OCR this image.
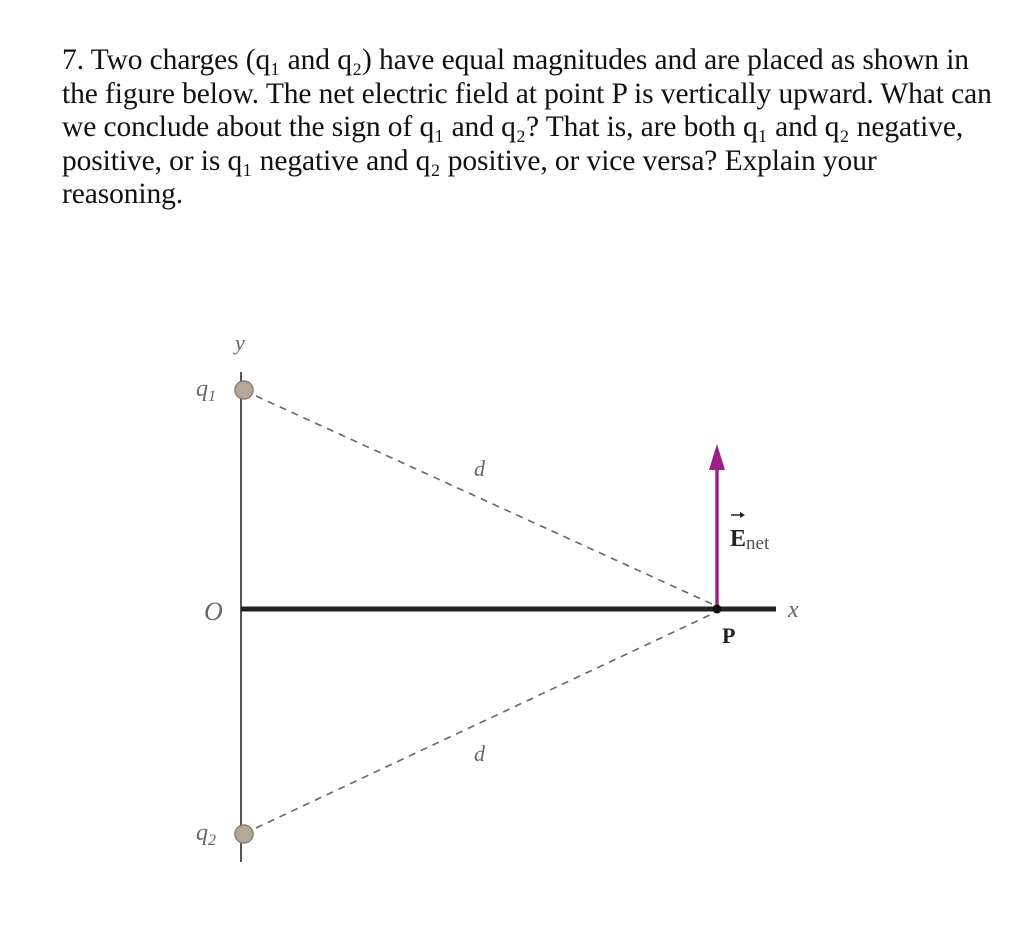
7. Two charges (q₁ and q₂) have equal magnitudes and are placed as shown in the figure below. The net electric field at point P is vertically upward. What can we conclude about the sign of q₁ and q₂? That is, are both q₁ and q₂ negative, positive, or is q₁ negative and q₂ positive, or vice versa? Explain your reasoning.

y
x
O
$q_1$
$q_2$
d
d
Enet
P
